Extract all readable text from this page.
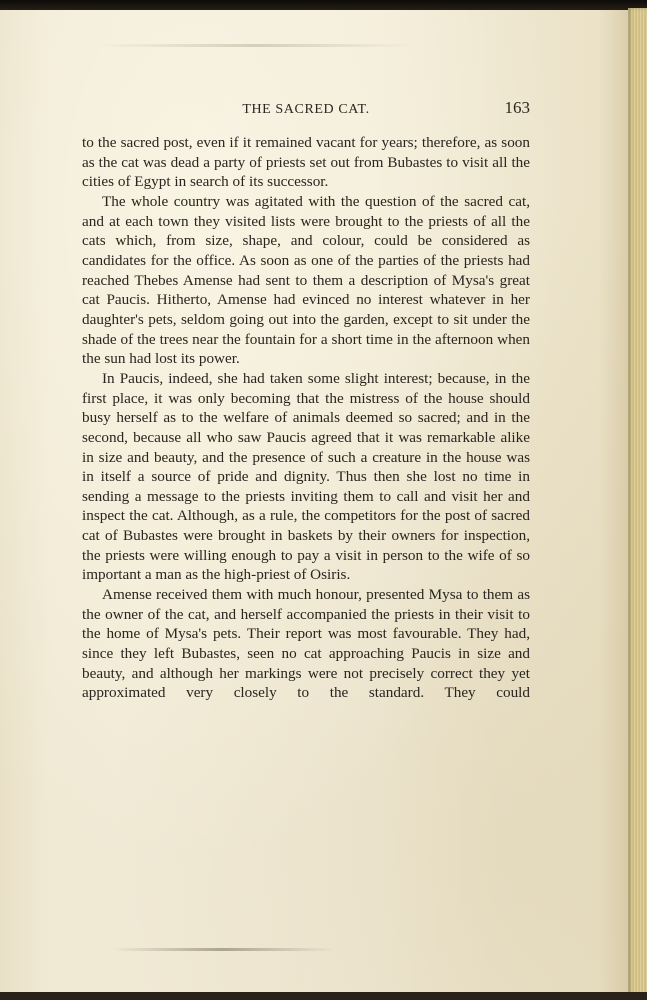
THE SACRED CAT.	163

to the sacred post, even if it remained vacant for years; therefore, as soon as the cat was dead a party of priests set out from Bubastes to visit all the cities of Egypt in search of its successor.

The whole country was agitated with the question of the sacred cat, and at each town they visited lists were brought to the priests of all the cats which, from size, shape, and colour, could be considered as candidates for the office. As soon as one of the parties of the priests had reached Thebes Amense had sent to them a description of Mysa's great cat Paucis. Hitherto, Amense had evinced no interest whatever in her daughter's pets, seldom going out into the garden, except to sit under the shade of the trees near the fountain for a short time in the afternoon when the sun had lost its power.

In Paucis, indeed, she had taken some slight interest; because, in the first place, it was only becoming that the mistress of the house should busy herself as to the welfare of animals deemed so sacred; and in the second, because all who saw Paucis agreed that it was remarkable alike in size and beauty, and the presence of such a creature in the house was in itself a source of pride and dignity. Thus then she lost no time in sending a message to the priests inviting them to call and visit her and inspect the cat. Although, as a rule, the competitors for the post of sacred cat of Bubastes were brought in baskets by their owners for inspection, the priests were willing enough to pay a visit in person to the wife of so important a man as the high-priest of Osiris.

Amense received them with much honour, presented Mysa to them as the owner of the cat, and herself accompanied the priests in their visit to the home of Mysa's pets. Their report was most favourable. They had, since they left Bubastes, seen no cat approaching Paucis in size and beauty, and although her markings were not precisely correct they yet approximated very closely to the standard. They could
